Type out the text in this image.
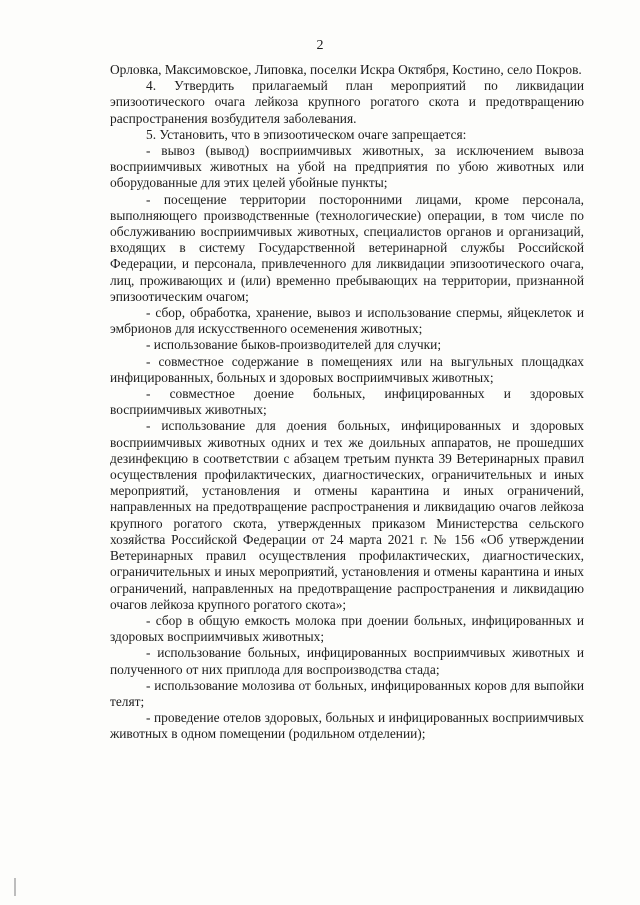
2

Орловка, Максимовское, Липовка, поселки Искра Октября, Костино, село Покров.

4. Утвердить прилагаемый план мероприятий по ликвидации эпизоотического очага лейкоза крупного рогатого скота и предотвращению распространения возбудителя заболевания.

5. Установить, что в эпизоотическом очаге запрещается:

- вывоз (вывод) восприимчивых животных, за исключением вывоза восприимчивых животных на убой на предприятия по убою животных или оборудованные для этих целей убойные пункты;

- посещение территории посторонними лицами, кроме персонала, выполняющего производственные (технологические) операции, в том числе по обслуживанию восприимчивых животных, специалистов органов и организаций, входящих в систему Государственной ветеринарной службы Российской Федерации, и персонала, привлеченного для ликвидации эпизоотического очага, лиц, проживающих и (или) временно пребывающих на территории, признанной эпизоотическим очагом;

- сбор, обработка, хранение, вывоз и использование спермы, яйцеклеток и эмбрионов для искусственного осеменения животных;

- использование быков-производителей для случки;

- совместное содержание в помещениях или на выгульных площадках инфицированных, больных и здоровых восприимчивых животных;

- совместное доение больных, инфицированных и здоровых восприимчивых животных;

- использование для доения больных, инфицированных и здоровых восприимчивых животных одних и тех же доильных аппаратов, не прошедших дезинфекцию в соответствии с абзацем третьим пункта 39 Ветеринарных правил осуществления профилактических, диагностических, ограничительных и иных мероприятий, установления и отмены карантина и иных ограничений, направленных на предотвращение распространения и ликвидацию очагов лейкоза крупного рогатого скота, утвержденных приказом Министерства сельского хозяйства Российской Федерации от 24 марта 2021 г. № 156 «Об утверждении Ветеринарных правил осуществления профилактических, диагностических, ограничительных и иных мероприятий, установления и отмены карантина и иных ограничений, направленных на предотвращение распространения и ликвидацию очагов лейкоза крупного рогатого скота»;

- сбор в общую емкость молока при доении больных, инфицированных и здоровых восприимчивых животных;

- использование больных, инфицированных восприимчивых животных и полученного от них приплода для воспроизводства стада;

- использование молозива от больных, инфицированных коров для выпойки телят;

- проведение отелов здоровых, больных и инфицированных восприимчивых животных в одном помещении (родильном отделении);
